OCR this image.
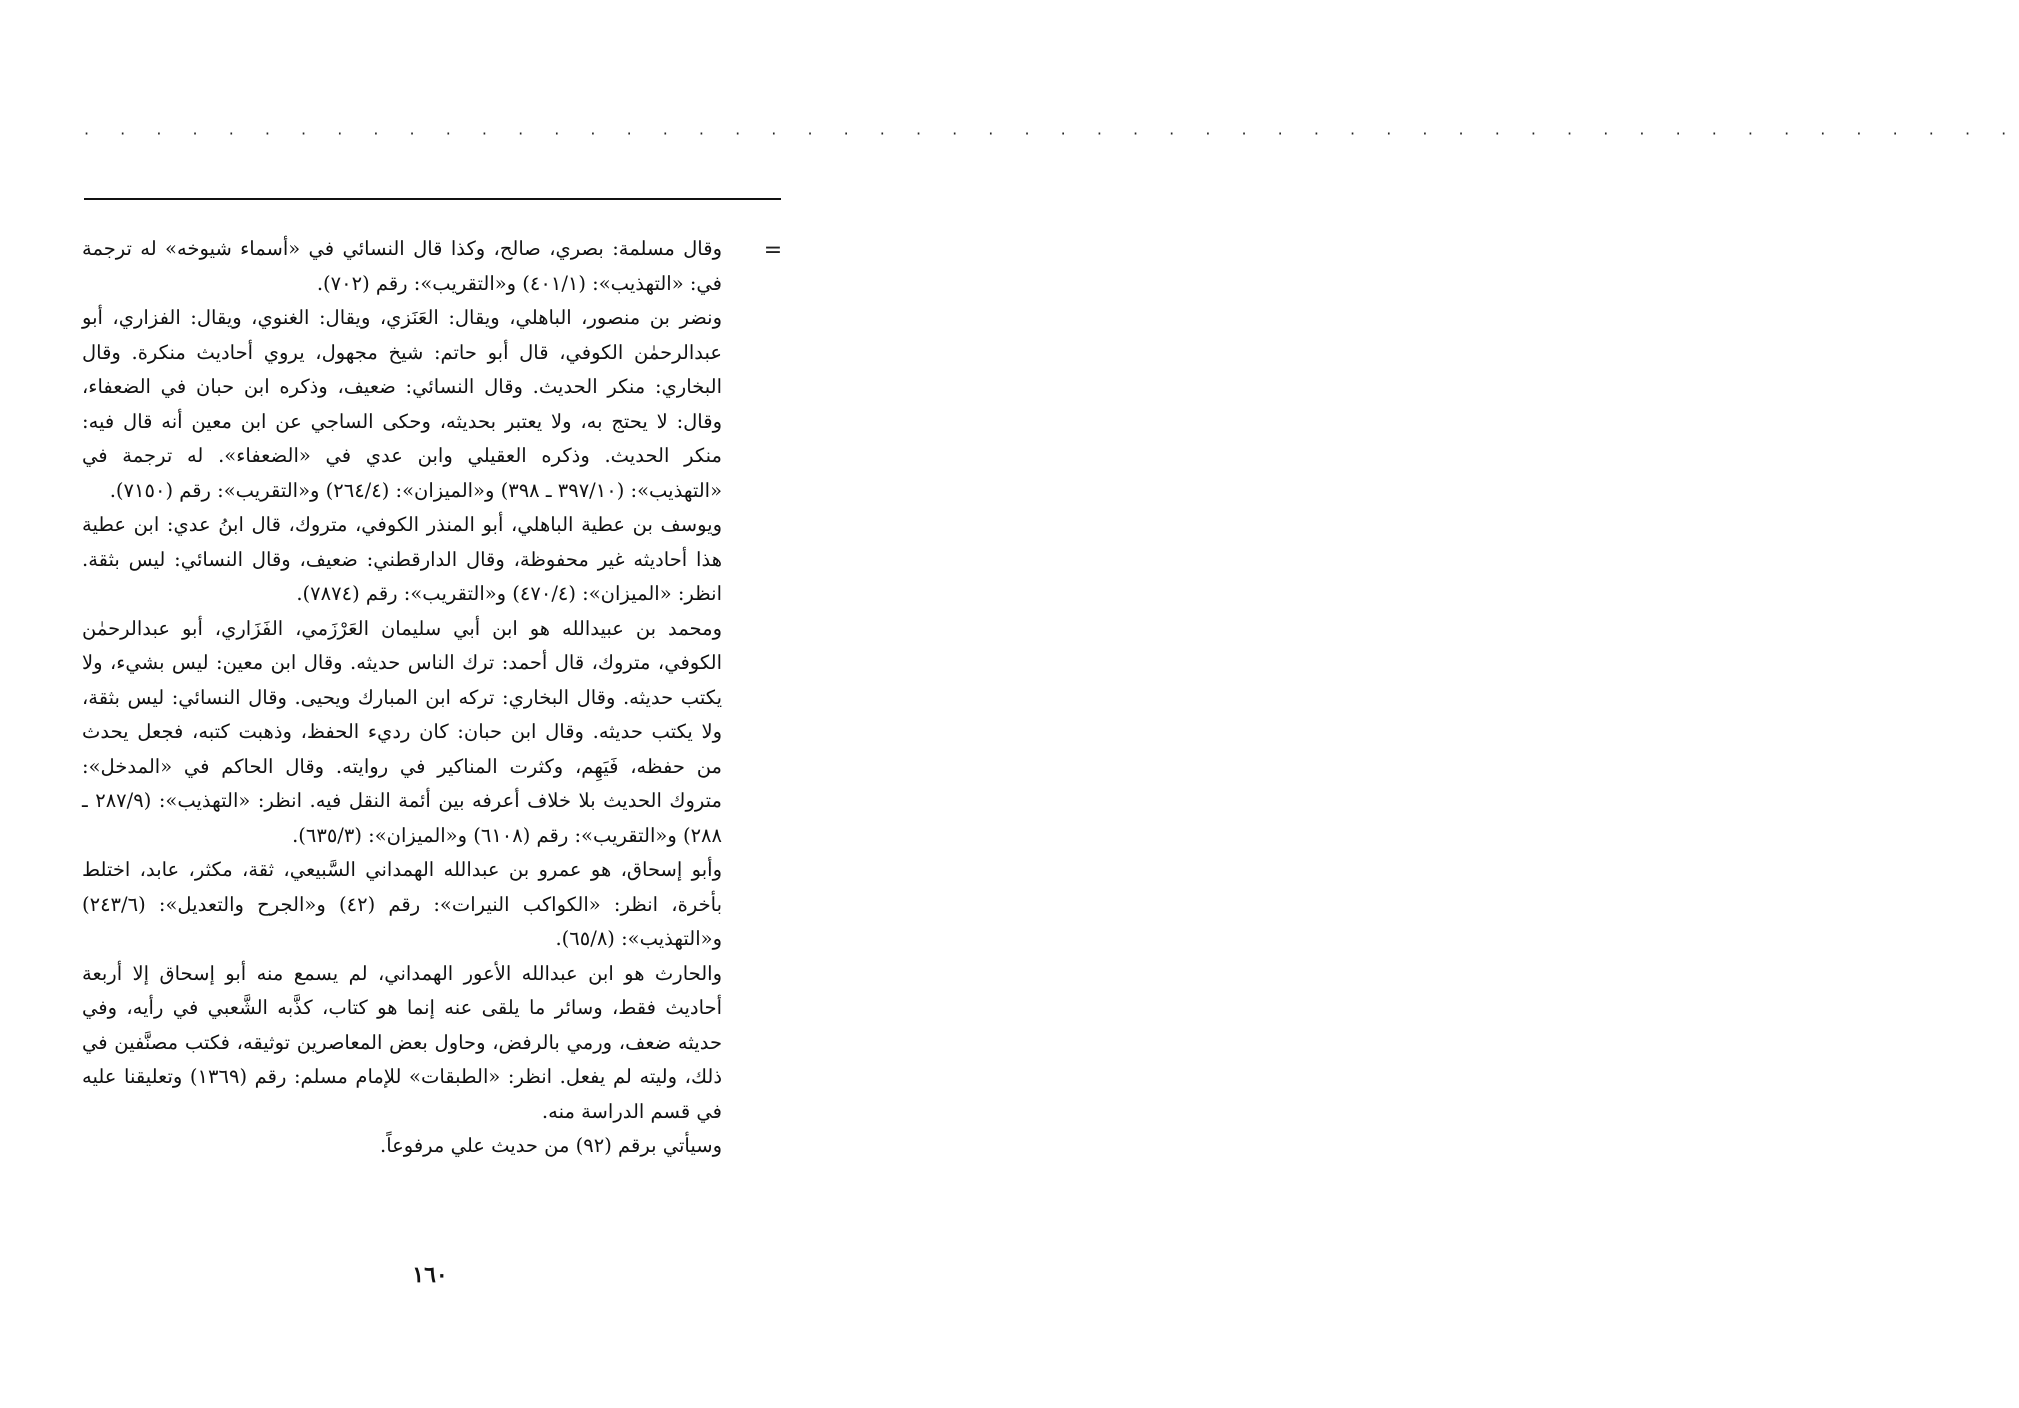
· · · · · · · · · · · · · · · · · · · · · · · · · · · · · · · · · · · · · · · · · · · · · · · · · · · · · ·
=

وقال مسلمة: بصري، صالح، وكذا قال النسائي في «أسماء شيوخه» له ترجمة في: «التهذيب»: (٤٠١/١) و«التقريب»: رقم (٧٠٢).

ونضر بن منصور، الباهلي، ويقال: العَنَزي، ويقال: الغنوي، ويقال: الفزاري، أبو عبدالرحمٰن الكوفي، قال أبو حاتم: شيخ مجهول، يروي أحاديث منكرة. وقال البخاري: منكر الحديث. وقال النسائي: ضعيف، وذكره ابن حبان في الضعفاء، وقال: لا يحتج به، ولا يعتبر بحديثه، وحكى الساجي عن ابن معين أنه قال فيه: منكر الحديث. وذكره العقيلي وابن عدي في «الضعفاء». له ترجمة في «التهذيب»: (٣٩٧/١٠ ـ ٣٩٨) و«الميزان»: (٢٦٤/٤) و«التقريب»: رقم (٧١٥٠).

ويوسف بن عطية الباهلي، أبو المنذر الكوفي، متروك، قال ابنُ عدي: ابن عطية هذا أحاديثه غير محفوظة، وقال الدارقطني: ضعيف، وقال النسائي: ليس بثقة. انظر: «الميزان»: (٤٧٠/٤) و«التقريب»: رقم (٧٨٧٤).

ومحمد بن عبيدالله هو ابن أبي سليمان العَرْزَمي، الفَزَاري، أبو عبدالرحمٰن الكوفي، متروك، قال أحمد: ترك الناس حديثه. وقال ابن معين: ليس بشيء، ولا يكتب حديثه. وقال البخاري: تركه ابن المبارك ويحيى. وقال النسائي: ليس بثقة، ولا يكتب حديثه. وقال ابن حبان: كان رديء الحفظ، وذهبت كتبه، فجعل يحدث من حفظه، فَيَهِم، وكثرت المناكير في روايته. وقال الحاكم في «المدخل»: متروك الحديث بلا خلاف أعرفه بين أئمة النقل فيه. انظر: «التهذيب»: (٢٨٧/٩ ـ ٢٨٨) و«التقريب»: رقم (٦١٠٨) و«الميزان»: (٦٣٥/٣).

وأبو إسحاق، هو عمرو بن عبدالله الهمداني السَّبيعي، ثقة، مكثر، عابد، اختلط بأخرة، انظر: «الكواكب النيرات»: رقم (٤٢) و«الجرح والتعديل»: (٢٤٣/٦) و«التهذيب»: (٦٥/٨).

والحارث هو ابن عبدالله الأعور الهمداني، لم يسمع منه أبو إسحاق إلا أربعة أحاديث فقط، وسائر ما يلقى عنه إنما هو كتاب، كذَّبه الشَّعبي في رأيه، وفي حديثه ضعف، ورمي بالرفض، وحاول بعض المعاصرين توثيقه، فكتب مصنَّفين في ذلك، وليته لم يفعل. انظر: «الطبقات» للإمام مسلم: رقم (١٣٦٩) وتعليقنا عليه في قسم الدراسة منه.

وسيأتي برقم (٩٢) من حديث علي مرفوعاً.

١٦٠
